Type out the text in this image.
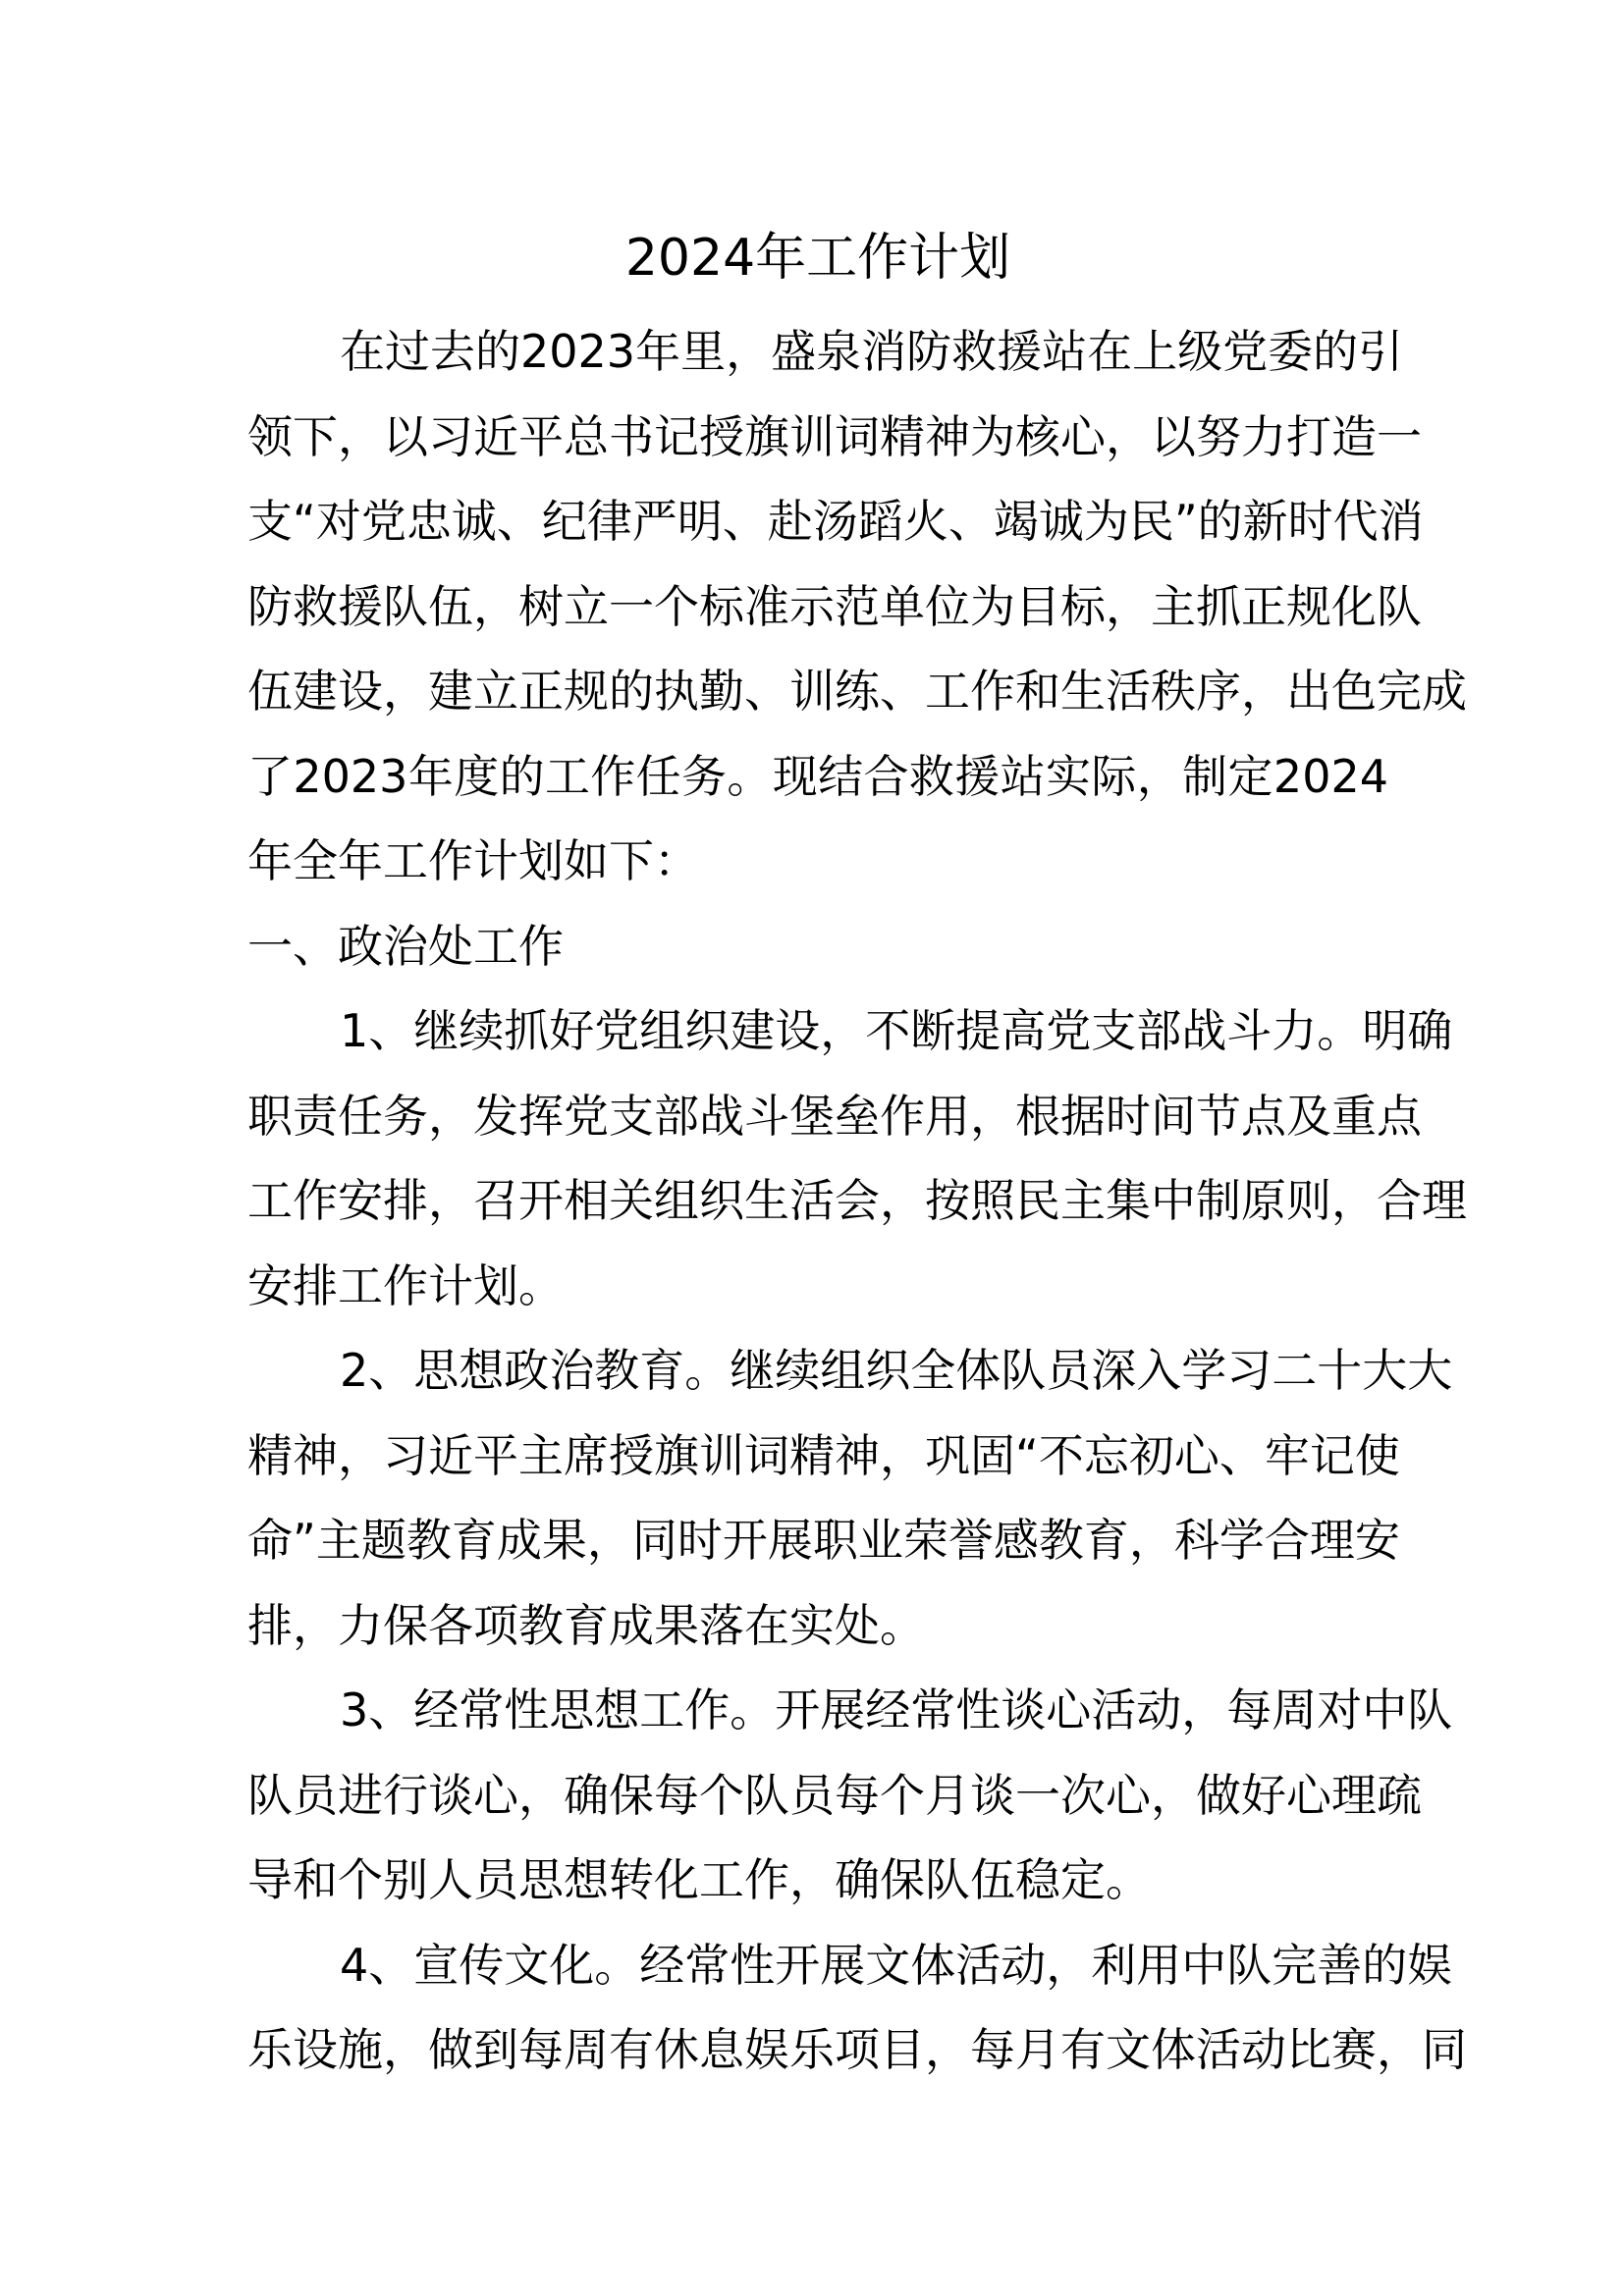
2024年工作计划
在过去的2023年里，盛泉消防救援站在上级党委的引
领下，以习近平总书记授旗训词精神为核心，以努力打造一
支“对党忠诚、纪律严明、赴汤蹈火、竭诚为民”的新时代消
防救援队伍，树立一个标准示范单位为目标，主抓正规化队
伍建设，建立正规的执勤、训练、工作和生活秩序，出色完成
了2023年度的工作任务。现结合救援站实际，制定2024
年全年工作计划如下：
一、政治处工作
1、继续抓好党组织建设，不断提高党支部战斗力。明确
职责任务，发挥党支部战斗堡垒作用，根据时间节点及重点
工作安排，召开相关组织生活会，按照民主集中制原则，合理
安排工作计划。
2、思想政治教育。继续组织全体队员深入学习二十大大
精神，习近平主席授旗训词精神，巩固“不忘初心、牢记使
命”主题教育成果，同时开展职业荣誉感教育，科学合理安
排，力保各项教育成果落在实处。
3、经常性思想工作。开展经常性谈心活动，每周对中队
队员进行谈心，确保每个队员每个月谈一次心，做好心理疏
导和个别人员思想转化工作，确保队伍稳定。
4、宣传文化。经常性开展文体活动，利用中队完善的娱
乐设施，做到每周有休息娱乐项目，每月有文体活动比赛，同
